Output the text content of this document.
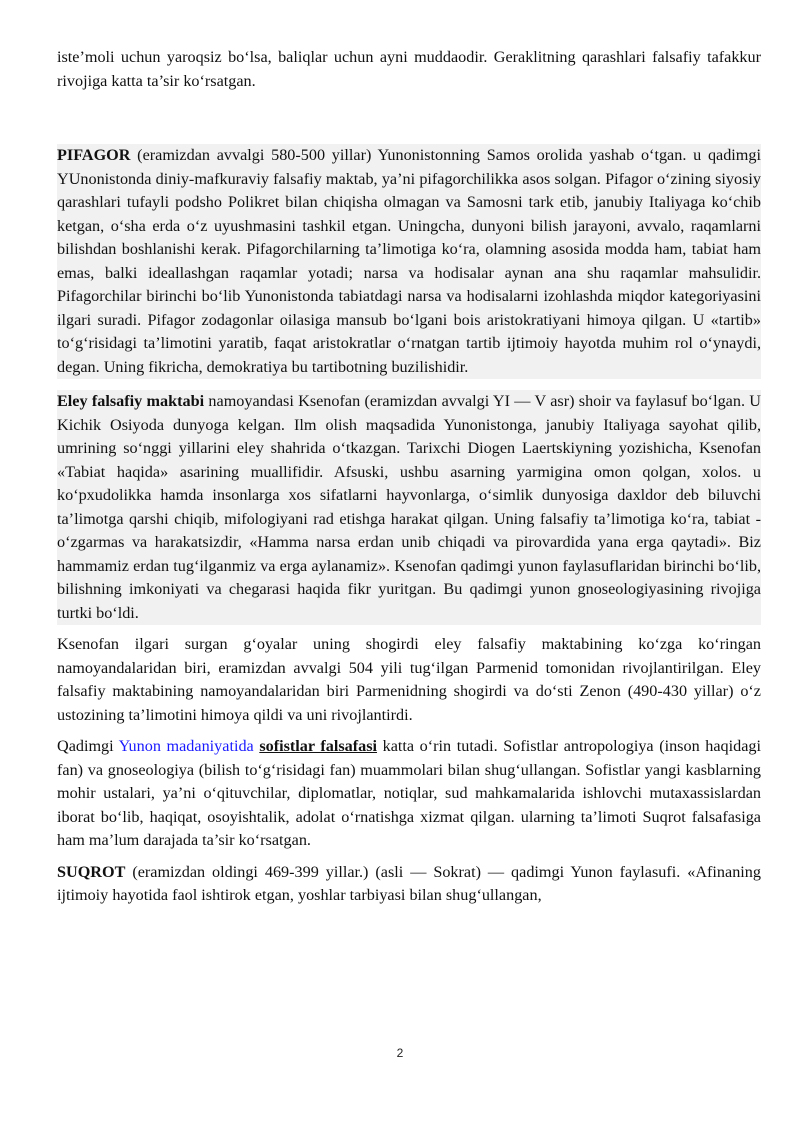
iste’moli uchun yaroqsiz bo‘lsa, baliqlar uchun ayni muddaodir. Geraklitning qarashlari falsafiy tafakkur rivojiga katta ta’sir ko‘rsatgan.

PIFAGOR (eramizdan avvalgi 580-500 yillar) Yunonistonning Samos orolida yashab o‘tgan. u qadimgi YUnonistonda diniy-mafkuraviy falsafiy maktab, ya’ni pifagorchilikka asos solgan. Pifagor o‘zining siyosiy qarashlari tufayli podsho Polikret bilan chiqisha olmagan va Samosni tark etib, janubiy Italiyaga ko‘chib ketgan, o‘sha erda o‘z uyushmasini tashkil etgan. Uningcha, dunyoni bilish jarayoni, avvalo, raqamlarni bilishdan boshlanishi kerak. Pifagorchilarning ta’limotiga ko‘ra, olamning asosida modda ham, tabiat ham emas, balki ideallashgan raqamlar yotadi; narsa va hodisalar aynan ana shu raqamlar mahsulidir. Pifagorchilar birinchi bo‘lib Yunonistonda tabiatdagi narsa va hodisalarni izohlashda miqdor kategoriyasini ilgari suradi. Pifagor zodagonlar oilasiga mansub bo‘lgani bois aristokratiyani himoya qilgan. U «tartib» to‘g‘risidagi ta’limotini yaratib, faqat aristokratlar o‘rnatgan tartib ijtimoiy hayotda muhim rol o‘ynaydi, degan. Uning fikricha, demokratiya bu tartibotning buzilishidir.

Eley falsafiy maktabi namoyandasi Ksenofan (eramizdan avvalgi YI — V asr) shoir va faylasuf bo‘lgan. U Kichik Osiyoda dunyoga kelgan. Ilm olish maqsadida Yunonistonga, janubiy Italiyaga sayohat qilib, umrining so‘nggi yillarini eley shahrida o‘tkazgan. Tarixchi Diogen Laertskiyning yozishicha, Ksenofan «Tabiat haqida» asarining muallifidir. Afsuski, ushbu asarning yarmigina omon qolgan, xolos. u ko‘pxudolikka hamda insonlarga xos sifatlarni hayvonlarga, o‘simlik dunyosiga daxldor deb biluvchi ta’limotga qarshi chiqib, mifologiyani rad etishga harakat qilgan. Uning falsafiy ta’limotiga ko‘ra, tabiat - o‘zgarmas va harakatsizdir, «Hamma narsa erdan unib chiqadi va pirovardida yana erga qaytadi». Biz hammamiz erdan tug‘ilganmiz va erga aylanamiz». Ksenofan qadimgi yunon faylasuflaridan birinchi bo‘lib, bilishning imkoniyati va chegarasi haqida fikr yuritgan. Bu qadimgi yunon gnoseologiyasining rivojiga turtki bo‘ldi.

Ksenofan ilgari surgan g‘oyalar uning shogirdi eley falsafiy maktabining ko‘zga ko‘ringan namoyandalaridan biri, eramizdan avvalgi 504 yili tug‘ilgan Parmenid tomonidan rivojlantirilgan. Eley falsafiy maktabining namoyandalaridan biri Parmenidning shogirdi va do‘sti Zenon (490-430 yillar) o‘z ustozining ta’limotini himoya qildi va uni rivojlantirdi.

Qadimgi Yunon madaniyatida sofistlar falsafasi katta o‘rin tutadi. Sofistlar antropologiya (inson haqidagi fan) va gnoseologiya (bilish to‘g‘risidagi fan) muammolari bilan shug‘ullangan. Sofistlar yangi kasblarning mohir ustalari, ya’ni o‘qituvchilar, diplomatlar, notiqlar, sud mahkamalarida ishlovchi mutaxassislardan iborat bo‘lib, haqiqat, osoyishtalik, adolat o‘rnatishga xizmat qilgan. ularning ta’limoti Suqrot falsafasiga ham ma’lum darajada ta’sir ko‘rsatgan.

SUQROT (eramizdan oldingi 469-399 yillar.) (asli — Sokrat) — qadimgi Yunon faylasufi. «Afinaning ijtimoiy hayotida faol ishtirok etgan, yoshlar tarbiyasi bilan shug‘ullangan,

2
